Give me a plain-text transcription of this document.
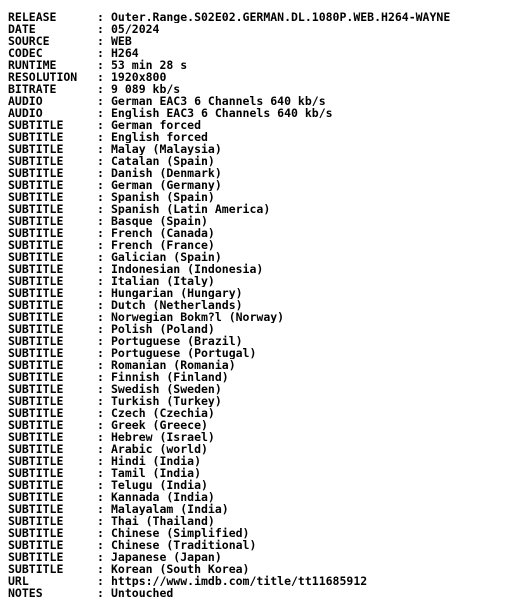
RELEASE	: Outer.Range.S02E02.GERMAN.DL.1080P.WEB.H264-WAYNE
DATE	: 05/2024
SOURCE	: WEB
CODEC	: H264
RUNTIME	: 53 min 28 s
RESOLUTION	: 1920x800
BITRATE	: 9 089 kb/s
AUDIO	: German EAC3 6 Channels 640 kb/s
AUDIO	: English EAC3 6 Channels 640 kb/s
SUBTITLE	: German forced
SUBTITLE	: English forced
SUBTITLE	: Malay (Malaysia)
SUBTITLE	: Catalan (Spain)
SUBTITLE	: Danish (Denmark)
SUBTITLE	: German (Germany)
SUBTITLE	: Spanish (Spain)
SUBTITLE	: Spanish (Latin America)
SUBTITLE	: Basque (Spain)
SUBTITLE	: French (Canada)
SUBTITLE	: French (France)
SUBTITLE	: Galician (Spain)
SUBTITLE	: Indonesian (Indonesia)
SUBTITLE	: Italian (Italy)
SUBTITLE	: Hungarian (Hungary)
SUBTITLE	: Dutch (Netherlands)
SUBTITLE	: Norwegian Bokm?l (Norway)
SUBTITLE	: Polish (Poland)
SUBTITLE	: Portuguese (Brazil)
SUBTITLE	: Portuguese (Portugal)
SUBTITLE	: Romanian (Romania)
SUBTITLE	: Finnish (Finland)
SUBTITLE	: Swedish (Sweden)
SUBTITLE	: Turkish (Turkey)
SUBTITLE	: Czech (Czechia)
SUBTITLE	: Greek (Greece)
SUBTITLE	: Hebrew (Israel)
SUBTITLE	: Arabic (world)
SUBTITLE	: Hindi (India)
SUBTITLE	: Tamil (India)
SUBTITLE	: Telugu (India)
SUBTITLE	: Kannada (India)
SUBTITLE	: Malayalam (India)
SUBTITLE	: Thai (Thailand)
SUBTITLE	: Chinese (Simplified)
SUBTITLE	: Chinese (Traditional)
SUBTITLE	: Japanese (Japan)
SUBTITLE	: Korean (South Korea)
URL	: https://www.imdb.com/title/tt11685912
NOTES	: Untouched
